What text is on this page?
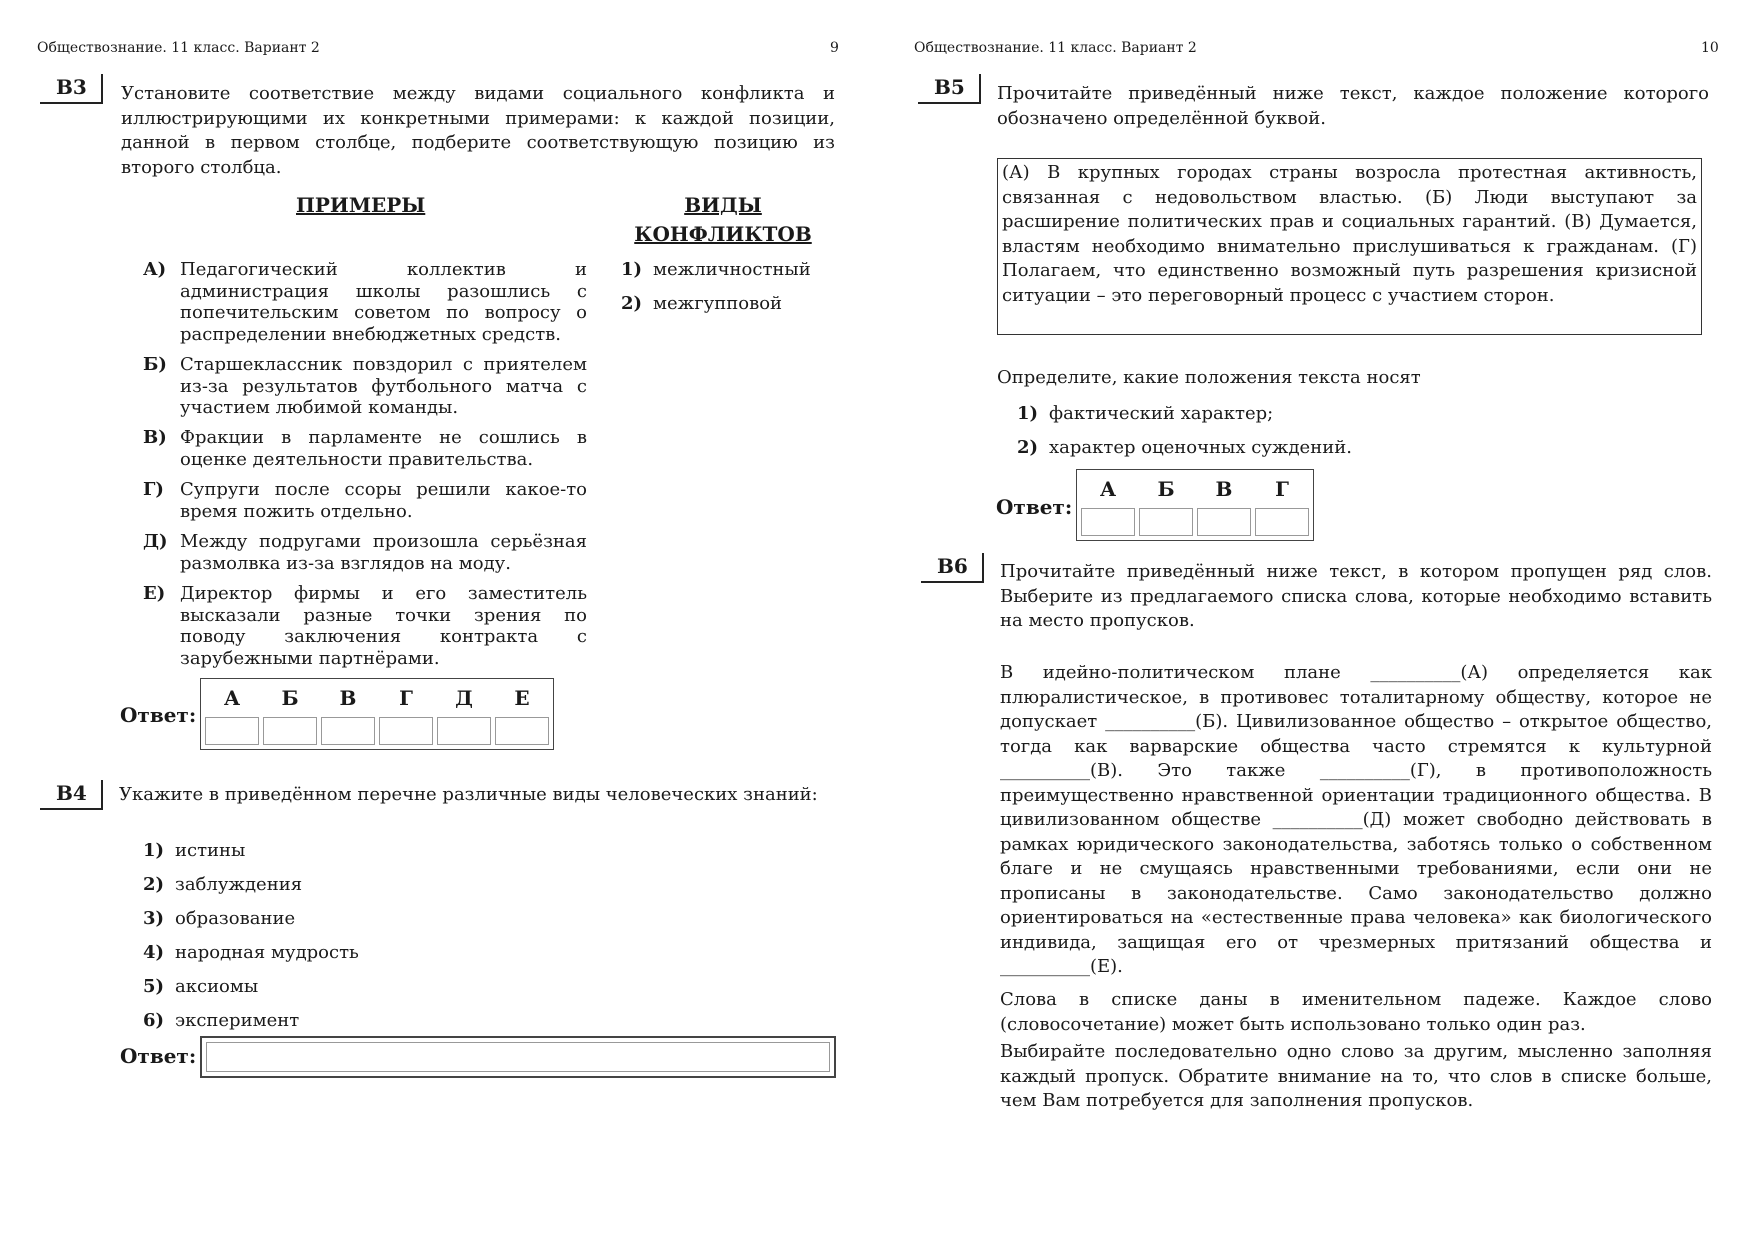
Обществознание. 11 класс. Вариант 2	9
В3	Установите соответствие между видами социального конфликта и иллюстрирующими их конкретными примерами: к каждой позиции, данной в первом столбце, подберите соответствующую позицию из второго столбца.
ПРИМЕРЫ	ВИДЫ КОНФЛИКТОВ
А) Педагогический коллектив и администрация школы разошлись с попечительским советом по вопросу о распределении внебюджетных средств.
Б) Старшеклассник повздорил с приятелем из-за результатов футбольного матча с участием любимой команды.
В) Фракции в парламенте не сошлись в оценке деятельности правительства.
Г) Супруги после ссоры решили какое-то время пожить отдельно.
Д) Между подругами произошла серьёзная размолвка из-за взглядов на моду.
Е) Директор фирмы и его заместитель высказали разные точки зрения по поводу заключения контракта с зарубежными партнёрами.
1) межличностный
2) межгупповой
Ответ:
А	Б	В	Г	Д	Е

В4	Укажите в приведённом перечне различные виды человеческих знаний:
1) истины
2) заблуждения
3) образование
4) народная мудрость
5) аксиомы
6) эксперимент
Ответ:
Обществознание. 11 класс. Вариант 2	10
В5	Прочитайте приведённый ниже текст, каждое положение которого обозначено определённой буквой.
(А) В крупных городах страны возросла протестная активность, связанная с недовольством властью. (Б) Люди выступают за расширение политических прав и социальных гарантий. (В) Думается, властям необходимо внимательно прислушиваться к гражданам. (Г) Полагаем, что единственно возможный путь разрешения кризисной ситуации – это переговорный процесс с участием сторон.
Определите, какие положения текста носят
1) фактический характер;
2) характер оценочных суждений.
Ответ:
А	Б	В	Г

В6	Прочитайте приведённый ниже текст, в котором пропущен ряд слов. Выберите из предлагаемого списка слова, которые необходимо вставить на место пропусков.
В идейно-политическом плане __________(А) определяется как плюралистическое, в противовес тоталитарному обществу, которое не допускает __________(Б). Цивилизованное общество – открытое общество, тогда как варварские общества часто стремятся к культурной __________(В). Это также __________(Г), в противоположность преимущественно нравственной ориентации традиционного общества. В цивилизованном обществе __________(Д) может свободно действовать в рамках юридического законодательства, заботясь только о собственном благе и не смущаясь нравственными требованиями, если они не прописаны в законодательстве. Само законодательство должно ориентироваться на «естественные права человека» как биологического индивида, защищая его от чрезмерных притязаний общества и __________(Е).
Слова в списке даны в именительном падеже. Каждое слово (словосочетание) может быть использовано только один раз.
Выбирайте последовательно одно слово за другим, мысленно заполняя каждый пропуск. Обратите внимание на то, что слов в списке больше, чем Вам потребуется для заполнения пропусков.
